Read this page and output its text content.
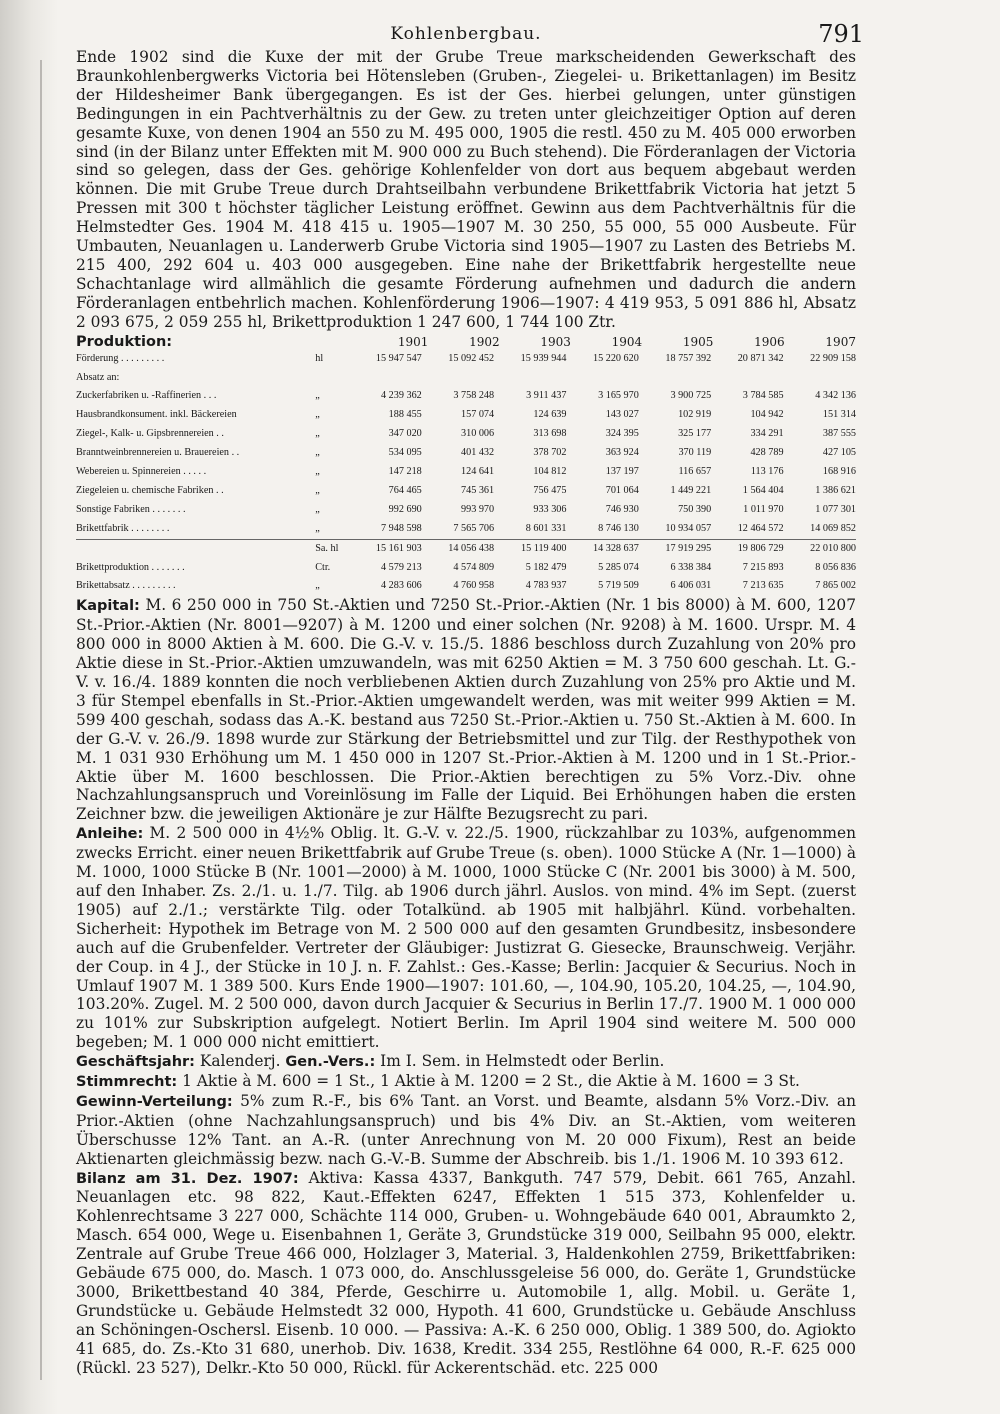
Kohlenbergbau.	791

Ende 1902 sind die Kuxe der mit der Grube Treue markscheidenden Gewerkschaft des Braunkohlenbergwerks Victoria bei Hötensleben (Gruben-, Ziegelei- u. Brikettanlagen) im Besitz der Hildesheimer Bank übergegangen. Es ist der Ges. hierbei gelungen, unter günstigen Bedingungen in ein Pachtverhältnis zu der Gew. zu treten unter gleichzeitiger Option auf deren gesamte Kuxe, von denen 1904 an 550 zu M. 495 000, 1905 die restl. 450 zu M. 405 000 erworben sind (in der Bilanz unter Effekten mit M. 900 000 zu Buch stehend). Die Förderanlagen der Victoria sind so gelegen, dass der Ges. gehörige Kohlenfelder von dort aus bequem abgebaut werden können. Die mit Grube Treue durch Drahtseilbahn verbundene Brikettfabrik Victoria hat jetzt 5 Pressen mit 300 t höchster täglicher Leistung eröffnet. Gewinn aus dem Pachtverhältnis für die Helmstedter Ges. 1904 M. 418 415 u. 1905—1907 M. 30 250, 55 000, 55 000 Ausbeute. Für Umbauten, Neuanlagen u. Landerwerb Grube Victoria sind 1905—1907 zu Lasten des Betriebs M. 215 400, 292 604 u. 403 000 ausgegeben. Eine nahe der Brikettfabrik hergestellte neue Schachtanlage wird allmählich die gesamte Förderung aufnehmen und dadurch die andern Förderanlagen entbehrlich machen. Kohlenförderung 1906—1907: 4 419 953, 5 091 886 hl, Absatz 2 093 675, 2 059 255 hl, Brikettproduktion 1 247 600, 1 744 100 Ztr.

Produktion:	1901	1902	1903	1904	1905	1906	1907
Förderung . . . . . . . . .	hl	15 947 547	15 092 452	15 939 944	15 220 620	18 757 392	20 871 342	22 909 158
Absatz an:								
Zuckerfabriken u. -Raffinerien . . .	„	4 239 362	3 758 248	3 911 437	3 165 970	3 900 725	3 784 585	4 342 136
Hausbrandkonsument. inkl. Bäckereien	„	188 455	157 074	124 639	143 027	102 919	104 942	151 314
Ziegel-, Kalk- u. Gipsbrennereien . .	„	347 020	310 006	313 698	324 395	325 177	334 291	387 555
Branntweinbrennereien u. Brauereien . .	„	534 095	401 432	378 702	363 924	370 119	428 789	427 105
Webereien u. Spinnereien . . . . .	„	147 218	124 641	104 812	137 197	116 657	113 176	168 916
Ziegeleien u. chemische Fabriken . .	„	764 465	745 361	756 475	701 064	1 449 221	1 564 404	1 386 621
Sonstige Fabriken . . . . . . .	„	992 690	993 970	933 306	746 930	750 390	1 011 970	1 077 301
Brikettfabrik . . . . . . . .	„	7 948 598	7 565 706	8 601 331	8 746 130	10 934 057	12 464 572	14 069 852
	Sa. hl	15 161 903	14 056 438	15 119 400	14 328 637	17 919 295	19 806 729	22 010 800
Brikettproduktion . . . . . . .	Ctr.	4 579 213	4 574 809	5 182 479	5 285 074	6 338 384	7 215 893	8 056 836
Brikettabsatz . . . . . . . . .	„	4 283 606	4 760 958	4 783 937	5 719 509	6 406 031	7 213 635	7 865 002

Kapital: M. 6 250 000 in 750 St.-Aktien und 7250 St.-Prior.-Aktien (Nr. 1 bis 8000) à M. 600, 1207 St.-Prior.-Aktien (Nr. 8001—9207) à M. 1200 und einer solchen (Nr. 9208) à M. 1600. Urspr. M. 4 800 000 in 8000 Aktien à M. 600. Die G.-V. v. 15./5. 1886 beschloss durch Zuzahlung von 20% pro Aktie diese in St.-Prior.-Aktien umzuwandeln, was mit 6250 Aktien = M. 3 750 600 geschah. Lt. G.-V. v. 16./4. 1889 konnten die noch verbliebenen Aktien durch Zuzahlung von 25% pro Aktie und M. 3 für Stempel ebenfalls in St.-Prior.-Aktien umgewandelt werden, was mit weiter 999 Aktien = M. 599 400 geschah, sodass das A.-K. bestand aus 7250 St.-Prior.-Aktien u. 750 St.-Aktien à M. 600. In der G.-V. v. 26./9. 1898 wurde zur Stärkung der Betriebsmittel und zur Tilg. der Resthypothek von M. 1 031 930 Erhöhung um M. 1 450 000 in 1207 St.-Prior.-Aktien à M. 1200 und in 1 St.-Prior.-Aktie über M. 1600 beschlossen. Die Prior.-Aktien berechtigen zu 5% Vorz.-Div. ohne Nachzahlungsanspruch und Voreinlösung im Falle der Liquid. Bei Erhöhungen haben die ersten Zeichner bzw. die jeweiligen Aktionäre je zur Hälfte Bezugsrecht zu pari.

Anleihe: M. 2 500 000 in 4½% Oblig. lt. G.-V. v. 22./5. 1900, rückzahlbar zu 103%, aufgenommen zwecks Erricht. einer neuen Brikettfabrik auf Grube Treue (s. oben). 1000 Stücke A (Nr. 1—1000) à M. 1000, 1000 Stücke B (Nr. 1001—2000) à M. 1000, 1000 Stücke C (Nr. 2001 bis 3000) à M. 500, auf den Inhaber. Zs. 2./1. u. 1./7. Tilg. ab 1906 durch jährl. Auslos. von mind. 4% im Sept. (zuerst 1905) auf 2./1.; verstärkte Tilg. oder Totalkünd. ab 1905 mit halbjährl. Künd. vorbehalten. Sicherheit: Hypothek im Betrage von M. 2 500 000 auf den gesamten Grundbesitz, insbesondere auch auf die Grubenfelder. Vertreter der Gläubiger: Justizrat G. Giesecke, Braunschweig. Verjähr. der Coup. in 4 J., der Stücke in 10 J. n. F. Zahlst.: Ges.-Kasse; Berlin: Jacquier & Securius. Noch in Umlauf 1907 M. 1 389 500. Kurs Ende 1900—1907: 101.60, —, 104.90, 105.20, 104.25, —, 104.90, 103.20%. Zugel. M. 2 500 000, davon durch Jacquier & Securius in Berlin 17./7. 1900 M. 1 000 000 zu 101% zur Subskription aufgelegt. Notiert Berlin. Im April 1904 sind weitere M. 500 000 begeben; M. 1 000 000 nicht emittiert.

Geschäftsjahr: Kalenderj. Gen.-Vers.: Im I. Sem. in Helmstedt oder Berlin.

Stimmrecht: 1 Aktie à M. 600 = 1 St., 1 Aktie à M. 1200 = 2 St., die Aktie à M. 1600 = 3 St.

Gewinn-Verteilung: 5% zum R.-F., bis 6% Tant. an Vorst. und Beamte, alsdann 5% Vorz.-Div. an Prior.-Aktien (ohne Nachzahlungsanspruch) und bis 4% Div. an St.-Aktien, vom weiteren Überschusse 12% Tant. an A.-R. (unter Anrechnung von M. 20 000 Fixum), Rest an beide Aktienarten gleichmässig bezw. nach G.-V.-B. Summe der Abschreib. bis 1./1. 1906 M. 10 393 612.

Bilanz am 31. Dez. 1907: Aktiva: Kassa 4337, Bankguth. 747 579, Debit. 661 765, Anzahl. Neuanlagen etc. 98 822, Kaut.-Effekten 6247, Effekten 1 515 373, Kohlenfelder u. Kohlenrechtsame 3 227 000, Schächte 114 000, Gruben- u. Wohngebäude 640 001, Abraumkto 2, Masch. 654 000, Wege u. Eisenbahnen 1, Geräte 3, Grundstücke 319 000, Seilbahn 95 000, elektr. Zentrale auf Grube Treue 466 000, Holzlager 3, Material. 3, Haldenkohlen 2759, Brikettfabriken: Gebäude 675 000, do. Masch. 1 073 000, do. Anschlussgeleise 56 000, do. Geräte 1, Grundstücke 3000, Brikettbestand 40 384, Pferde, Geschirre u. Automobile 1, allg. Mobil. u. Geräte 1, Grundstücke u. Gebäude Helmstedt 32 000, Hypoth. 41 600, Grundstücke u. Gebäude Anschluss an Schöningen-Oschersl. Eisenb. 10 000. — Passiva: A.-K. 6 250 000, Oblig. 1 389 500, do. Agiokto 41 685, do. Zs.-Kto 31 680, unerhob. Div. 1638, Kredit. 334 255, Restlöhne 64 000, R.-F. 625 000 (Rückl. 23 527), Delkr.-Kto 50 000, Rückl. für Ackerentschäd. etc. 225 000
